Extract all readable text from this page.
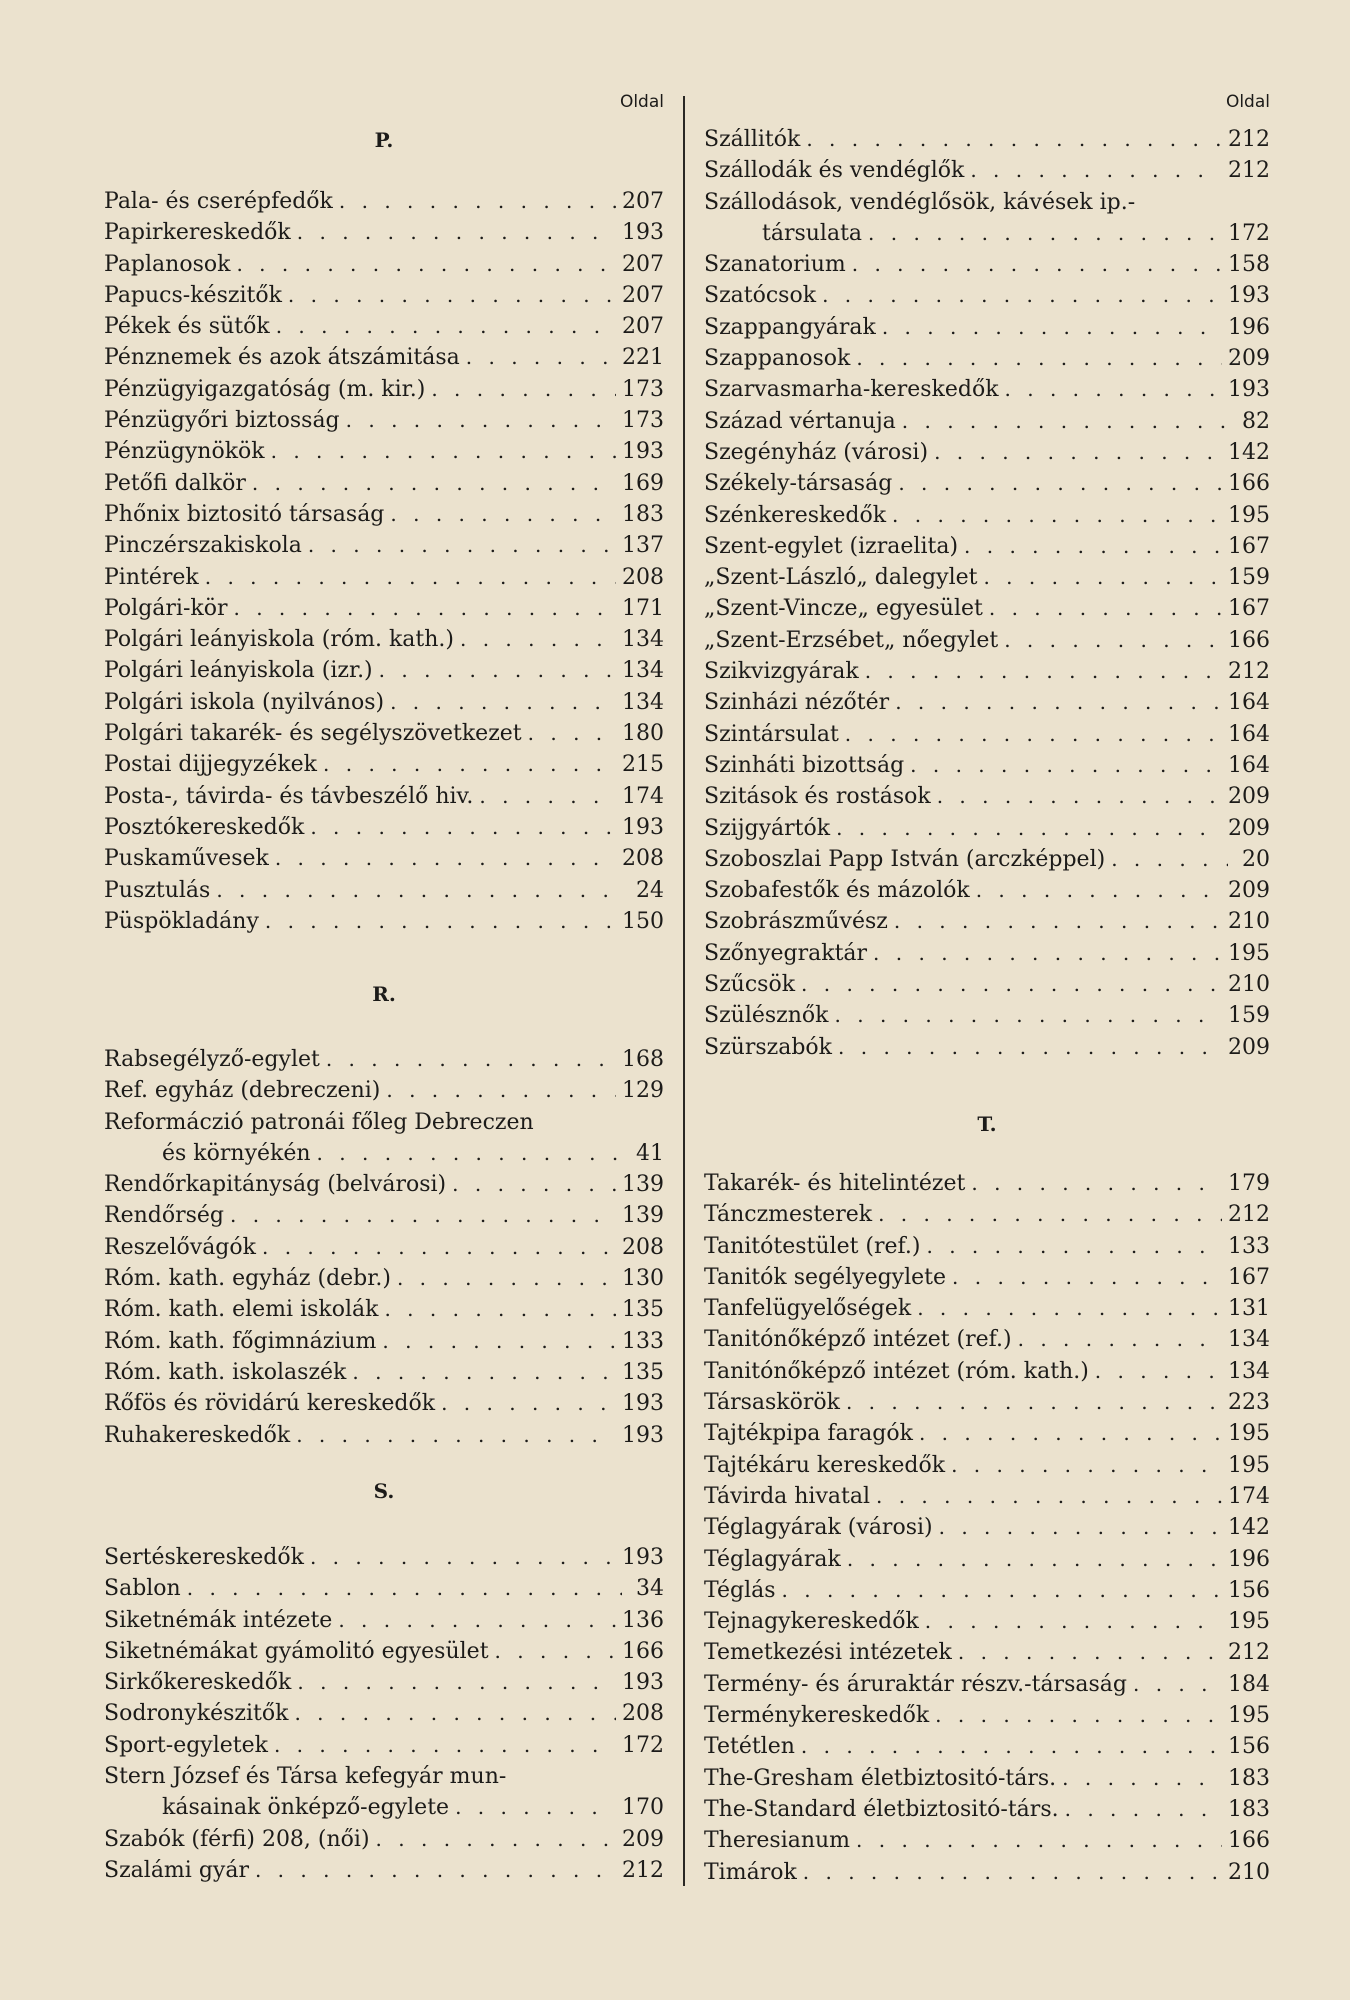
Oldal
P.
Pala- és cserépfedők . . .	207
Papirkereskedők . . .	193
Paplanosok . . .	207
Papucs-készitők . . .	207
Pékek és sütők . . .	207
Pénznemek és azok átszámitása . . .	221
Pénzügyigazgatóság (m. kir.) . . .	173
Pénzügyőri biztosság . . .	173
Pénzügynökök . . .	193
Petőfi dalkör . . .	169
Phőnix biztositó társaság . . .	183
Pinczérszakiskola . . .	137
Pintérek . . .	208
Polgári-kör . . .	171
Polgári leányiskola (róm. kath.) . . .	134
Polgári leányiskola (izr.) . . .	134
Polgári iskola (nyilvános) . . .	134
Polgári takarék- és segélyszövetkezet . . .	180
Postai dijjegyzékek . . .	215
Posta-, távirda- és távbeszélő hiv. . . .	174
Posztókereskedők . . .	193
Puskaművesek . . .	208
Pusztulás . . .	24
Püspökladány . . .	150
R.
Rabsegélyző-egylet . . .	168
Ref. egyház (debreczeni) . . .	129
Reformáczió patronái főleg Debreczen
és környékén . . .	41
Rendőrkapitányság (belvárosi) . . .	139
Rendőrség . . .	139
Reszelővágók . . .	208
Róm. kath. egyház (debr.) . . .	130
Róm. kath. elemi iskolák . . .	135
Róm. kath. főgimnázium . . .	133
Róm. kath. iskolaszék . . .	135
Rőfös és rövidárú kereskedők . . .	193
Ruhakereskedők . . .	193
S.
Sertéskereskedők . . .	193
Sablon . . .	34
Siketnémák intézete . . .	136
Siketnémákat gyámolitó egyesület . . .	166
Sirkőkereskedők . . .	193
Sodronykészitők . . .	208
Sport-egyletek . . .	172
Stern József és Társa kefegyár mun-
kásainak önképző-egylete . . .	170
Szabók (férfi) 208, (női) . . .	209
Szalámi gyár . . .	212
Oldal
Szállitók . . .	212
Szállodák és vendéglők . . .	212
Szállodások, vendéglősök, kávések ip.-
társulata . . .	172
Szanatorium . . .	158
Szatócsok . . .	193
Szappangyárak . . .	196
Szappanosok . . .	209
Szarvasmarha-kereskedők . . .	193
Század vértanuja . . .	82
Szegényház (városi) . . .	142
Székely-társaság . . .	166
Szénkereskedők . . .	195
Szent-egylet (izraelita) . . .	167
„Szent-László„ dalegylet . . .	159
„Szent-Vincze„ egyesület . . .	167
„Szent-Erzsébet„ nőegylet . . .	166
Szikvizgyárak . . .	212
Szinházi nézőtér . . .	164
Szintársulat . . .	164
Szinháti bizottság . . .	164
Szitások és rostások . . .	209
Szijgyártók . . .	209
Szoboszlai Papp István (arczképpel) . . .	20
Szobafestők és mázolók . . .	209
Szobrászművész . . .	210
Szőnyegraktár . . .	195
Szűcsök . . .	210
Szülésznők . . .	159
Szürszabók . . .	209
T.
Takarék- és hitelintézet . . .	179
Tánczmesterek . . .	212
Tanitótestület (ref.) . . .	133
Tanitók segélyegylete . . .	167
Tanfelügyelőségek . . .	131
Tanitónőképző intézet (ref.) . . .	134
Tanitónőképző intézet (róm. kath.) . . .	134
Társaskörök . . .	223
Tajtékpipa faragók . . .	195
Tajtékáru kereskedők . . .	195
Távirda hivatal . . .	174
Téglagyárak (városi) . . .	142
Téglagyárak . . .	196
Téglás . . .	156
Tejnagykereskedők . . .	195
Temetkezési intézetek . . .	212
Termény- és áruraktár részv.-társaság . . .	184
Terménykereskedők . . .	195
Tetétlen . . .	156
The-Gresham életbiztositó-társ. . . .	183
The-Standard életbiztositó-társ. . . .	183
Theresianum . . .	166
Timárok . . .	210
